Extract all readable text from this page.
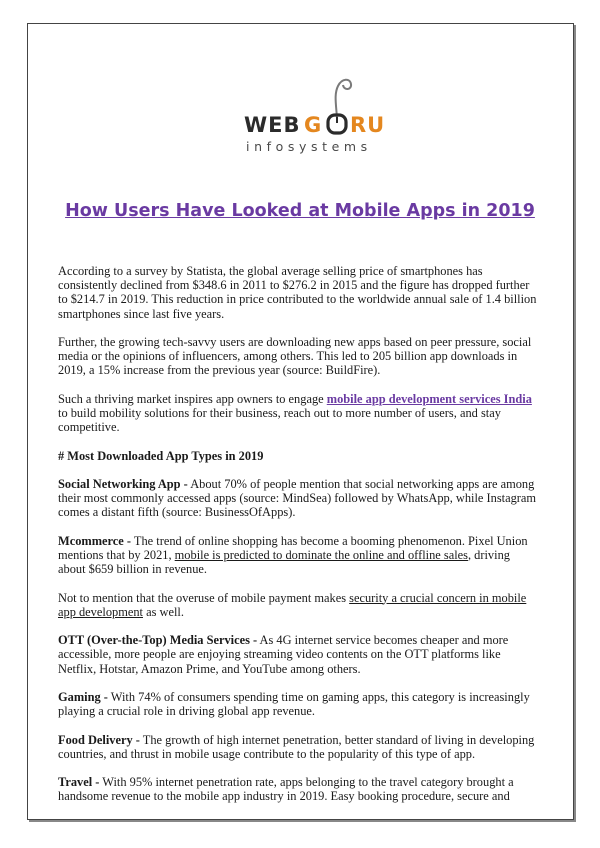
WEB G RU
infosystems
How Users Have Looked at Mobile Apps in 2019

According to a survey by Statista, the global average selling price of smartphones has consistently declined from $348.6 in 2011 to $276.2 in 2015 and the figure has dropped further to $214.7 in 2019. This reduction in price contributed to the worldwide annual sale of 1.4 billion smartphones since last five years.

Further, the growing tech-savvy users are downloading new apps based on peer pressure, social media or the opinions of influencers, among others. This led to 205 billion app downloads in 2019, a 15% increase from the previous year (source: BuildFire).

Such a thriving market inspires app owners to engage mobile app development services India to build mobility solutions for their business, reach out to more number of users, and stay competitive.

# Most Downloaded App Types in 2019

Social Networking App - About 70% of people mention that social networking apps are among their most commonly accessed apps (source: MindSea) followed by WhatsApp, while Instagram comes a distant fifth (source: BusinessOfApps).

Mcommerce - The trend of online shopping has become a booming phenomenon. Pixel Union mentions that by 2021, mobile is predicted to dominate the online and offline sales, driving about $659 billion in revenue.

Not to mention that the overuse of mobile payment makes security a crucial concern in mobile app development as well.

OTT (Over-the-Top) Media Services - As 4G internet service becomes cheaper and more accessible, more people are enjoying streaming video contents on the OTT platforms like Netflix, Hotstar, Amazon Prime, and YouTube among others.

Gaming - With 74% of consumers spending time on gaming apps, this category is increasingly playing a crucial role in driving global app revenue.

Food Delivery - The growth of high internet penetration, better standard of living in developing countries, and thrust in mobile usage contribute to the popularity of this type of app.

Travel - With 95% internet penetration rate, apps belonging to the travel category brought a handsome revenue to the mobile app industry in 2019. Easy booking procedure, secure and
